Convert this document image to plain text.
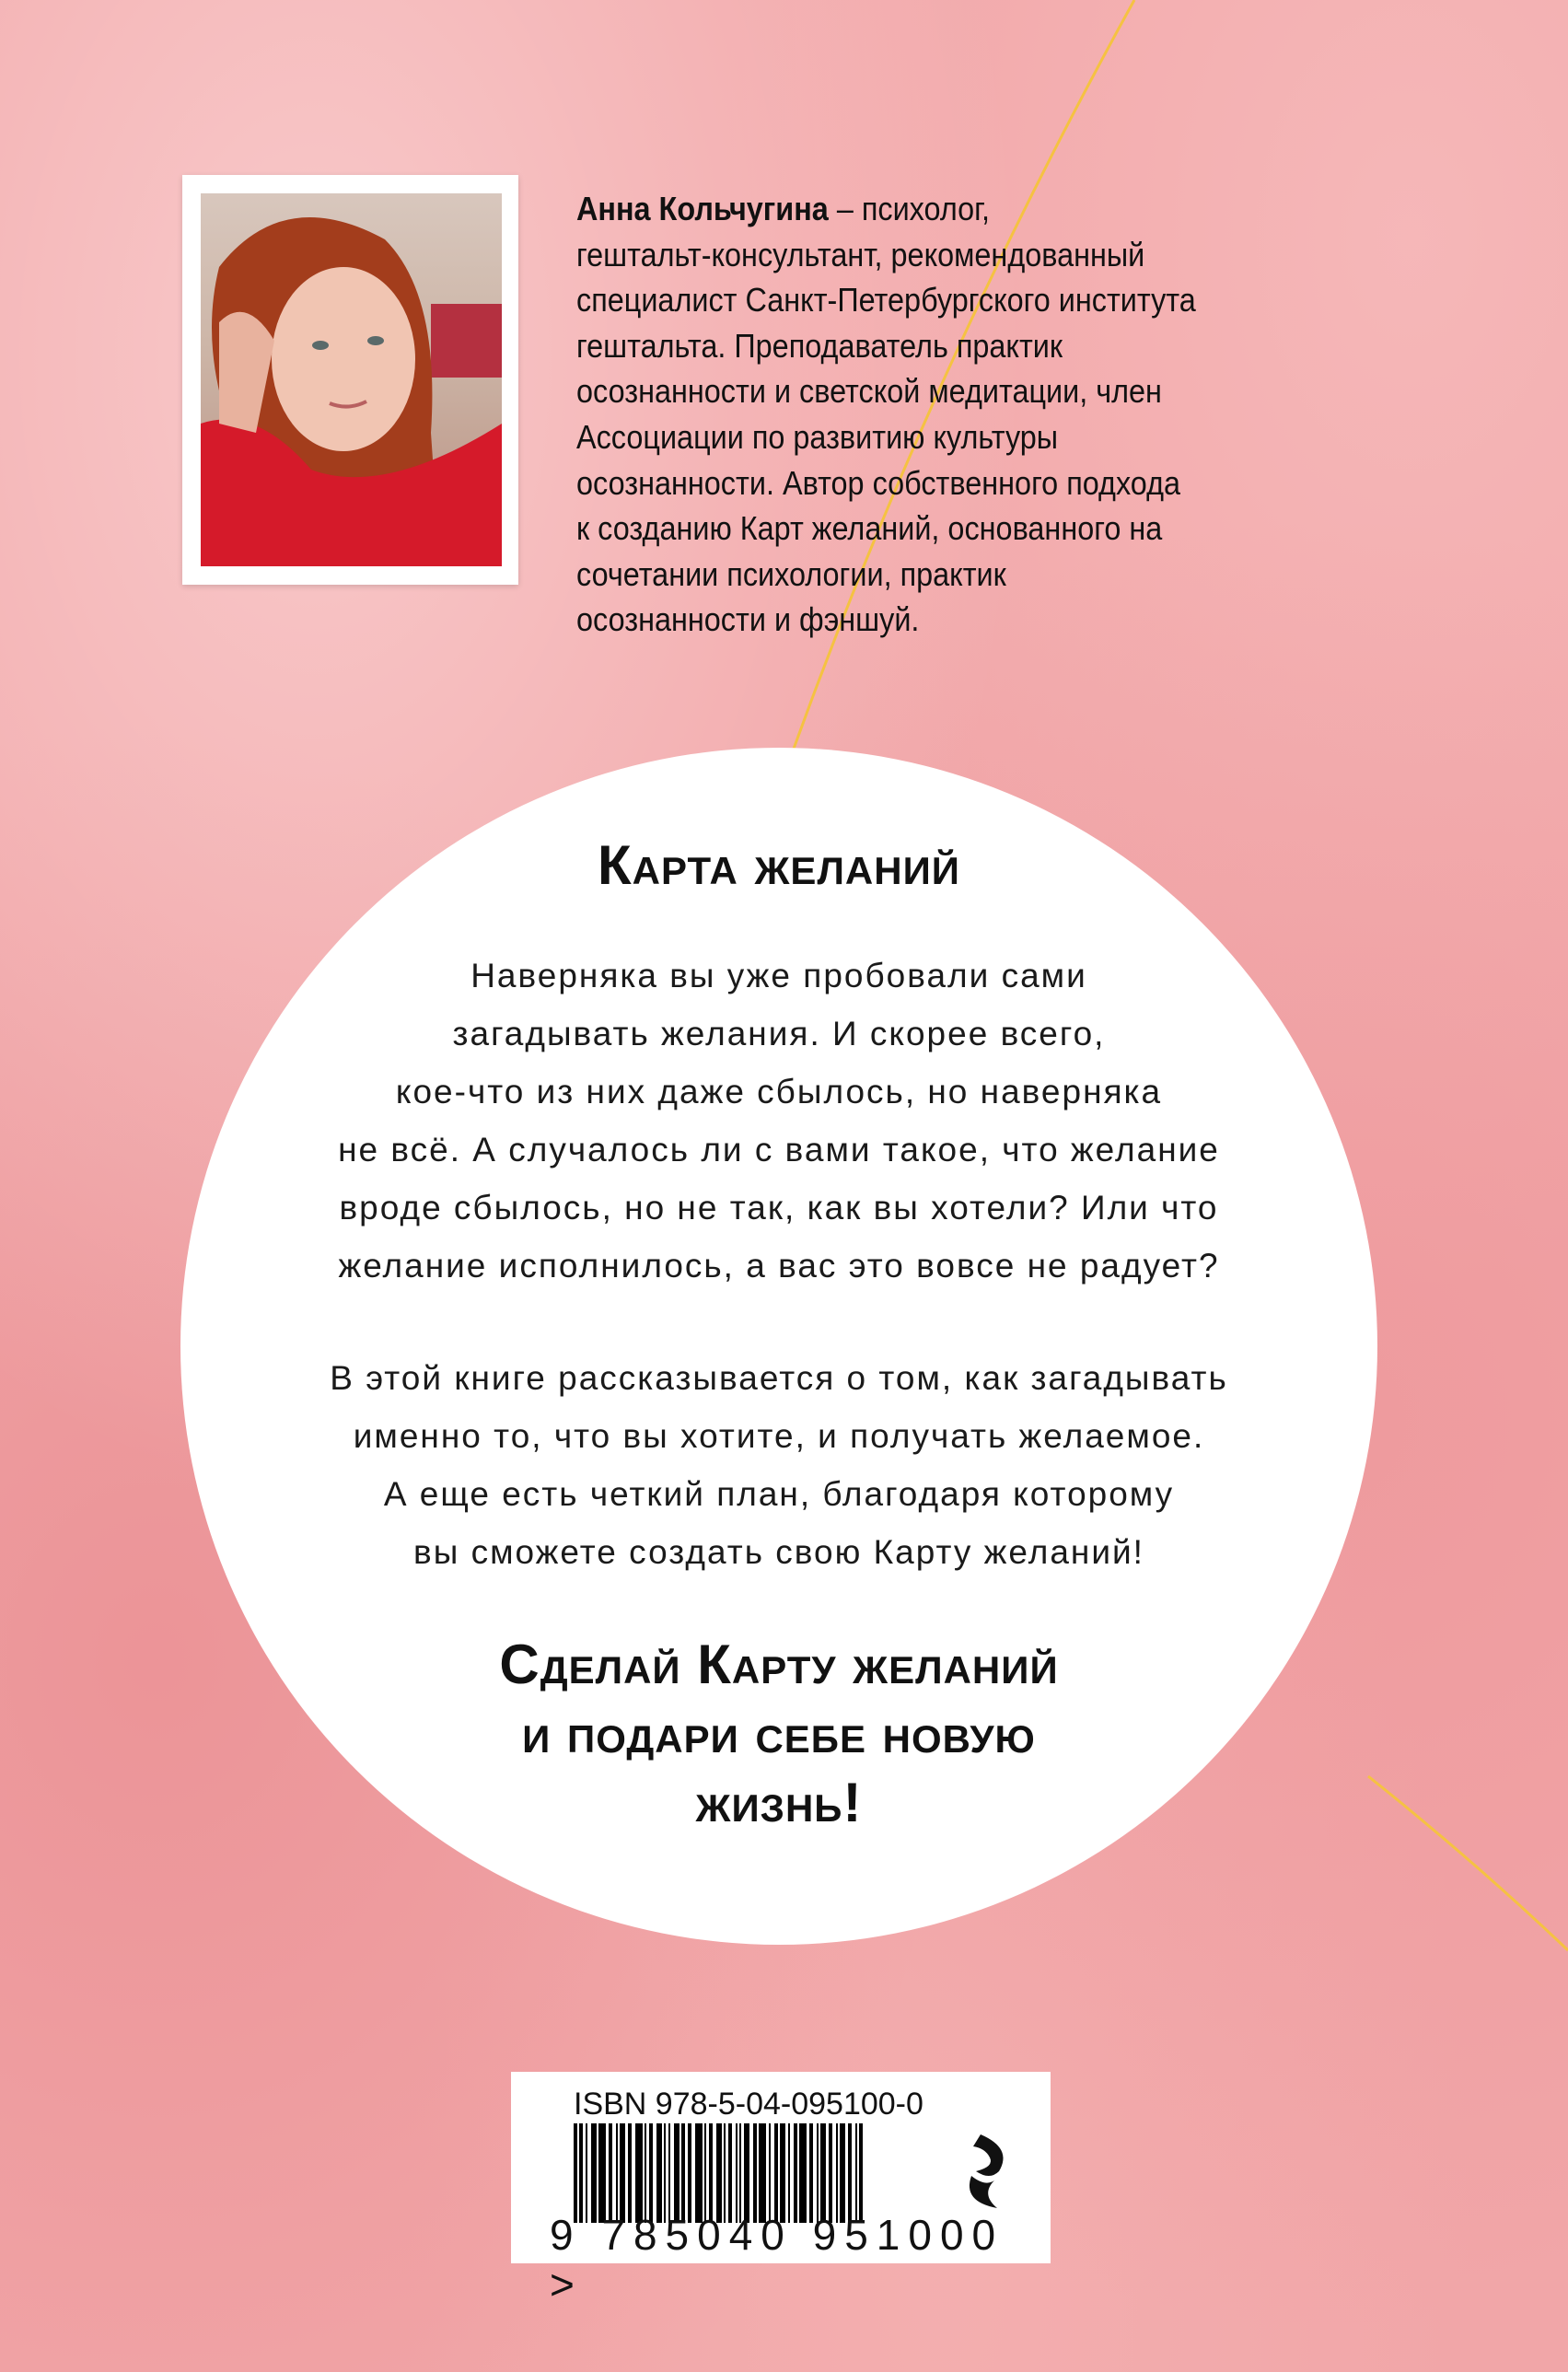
Анна Кольчугина – психолог,
гештальт-консультант, рекомендованный
специалист Санкт-Петербургского института
гештальта. Преподаватель практик
осознанности и светской медитации, член
Ассоциации по развитию культуры
осознанности. Автор собственного подхода
к созданию Карт желаний, основанного на
сочетании психологии, практик
осознанности и фэншуй.
Карта желаний
Наверняка вы уже пробовали сами
загадывать желания. И скорее всего,
кое-что из них даже сбылось, но наверняка
не всё. А случалось ли с вами такое, что желание
вроде сбылось, но не так, как вы хотели? Или что
желание исполнилось, а вас это вовсе не радует?
В этой книге рассказывается о том, как загадывать
именно то, что вы хотите, и получать желаемое.
А еще есть четкий план, благодаря которому
вы сможете создать свою Карту желаний!
Сделай Карту желаний
и подари себе новую
жизнь!
ISBN 978-5-04-095100-0
9 785040 951000 >
